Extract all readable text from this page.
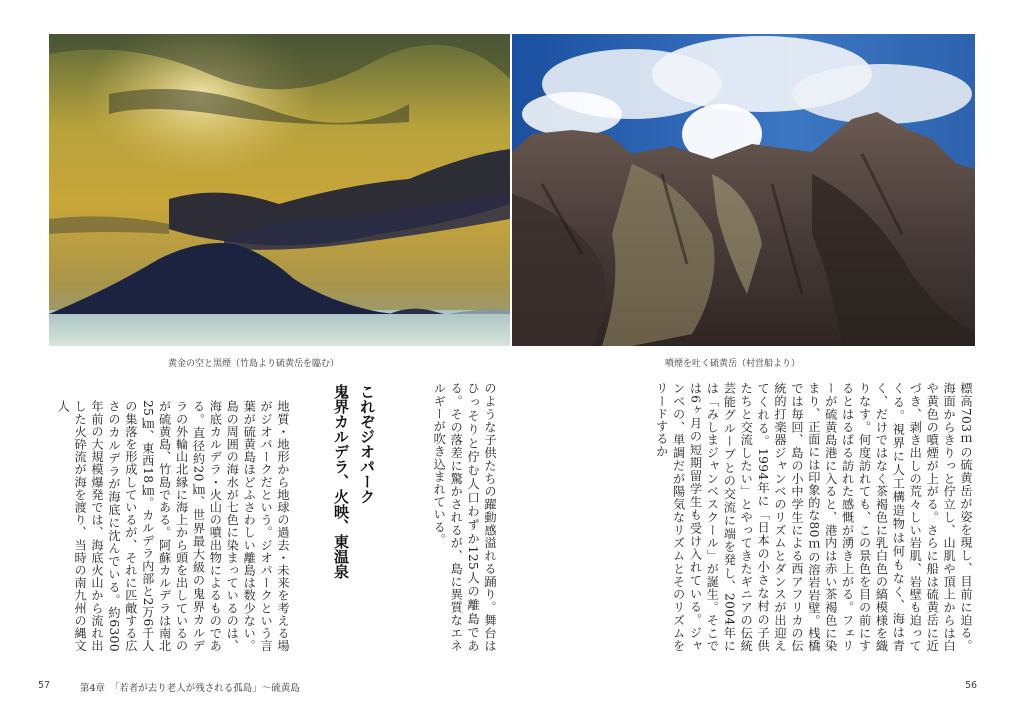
黄金の空と黒煙（竹島より硫黄岳を臨む）	噴煙を吐く硫黄岳（村営船より）
標高703ｍの硫黄岳が姿を現し、目前に迫る。海面からきりっと佇立し、山肌や頂上からは白や黄色の噴煙が上がる。さらに船は硫黄岳に近づき、剥き出しの荒々しい岩肌、岩壁も迫ってくる。視界に人工構造物は何もなく、海は青く、だけではなく茶褐色に乳白色の縞模様を織りなす。何度訪れても、この景色を目の前にするとはるばる訪れた感慨が湧き上がる。フェリーが硫黄島港に入ると、港内は赤い茶褐色に染まり、正面には印象的な80ｍの溶岩岩壁。桟橋では毎回、島の小中学生による西アフリカの伝統的打楽器ジャンベのリズムとダンスが出迎えてくれる。1994年に「日本の小さな村の子供たちと交流したい」とやってきたギニアの伝統芸能グループとの交流に端を発し、2004年には「みしまジャンベスクール」が誕生。そこでは6ヶ月の短期留学生も受け入れている。ジャンベの、単調だが陽気なリズムとそのリズムをリードするか
のような子供たちの躍動感溢れる踊り。舞台はひっそりと佇む人口わずか125人の離島である。その落差に驚かされるが、島に異質なエネルギーが吹き込まれている。
これぞジオパーク
鬼界カルデラ、火映、東温泉
地質・地形から地球の過去・未来を考える場がジオパークだという。ジオパークという言葉が硫黄島ほどふさわしい離島は数少ない。島の周囲の海水が七色に染まっているのは、海底カルデラ・火山の噴出物によるものである。直径約20㎞、世界最大級の鬼界カルデラの外輪山北縁に海上から頭を出しているのが硫黄島、竹島である。阿蘇カルデラは南北25㎞、東西18㎞。カルデラ内部と2万6千人の集落を形成しているが、それに匹敵する広さのカルデラが海底に沈んでいる。約6300年前の大規模爆発では、海底火山から流れ出した火砕流が海を渡り、当時の南九州の縄文人
57	第4章　「若者が去り老人が残される孤島」〜硫黄島	56
